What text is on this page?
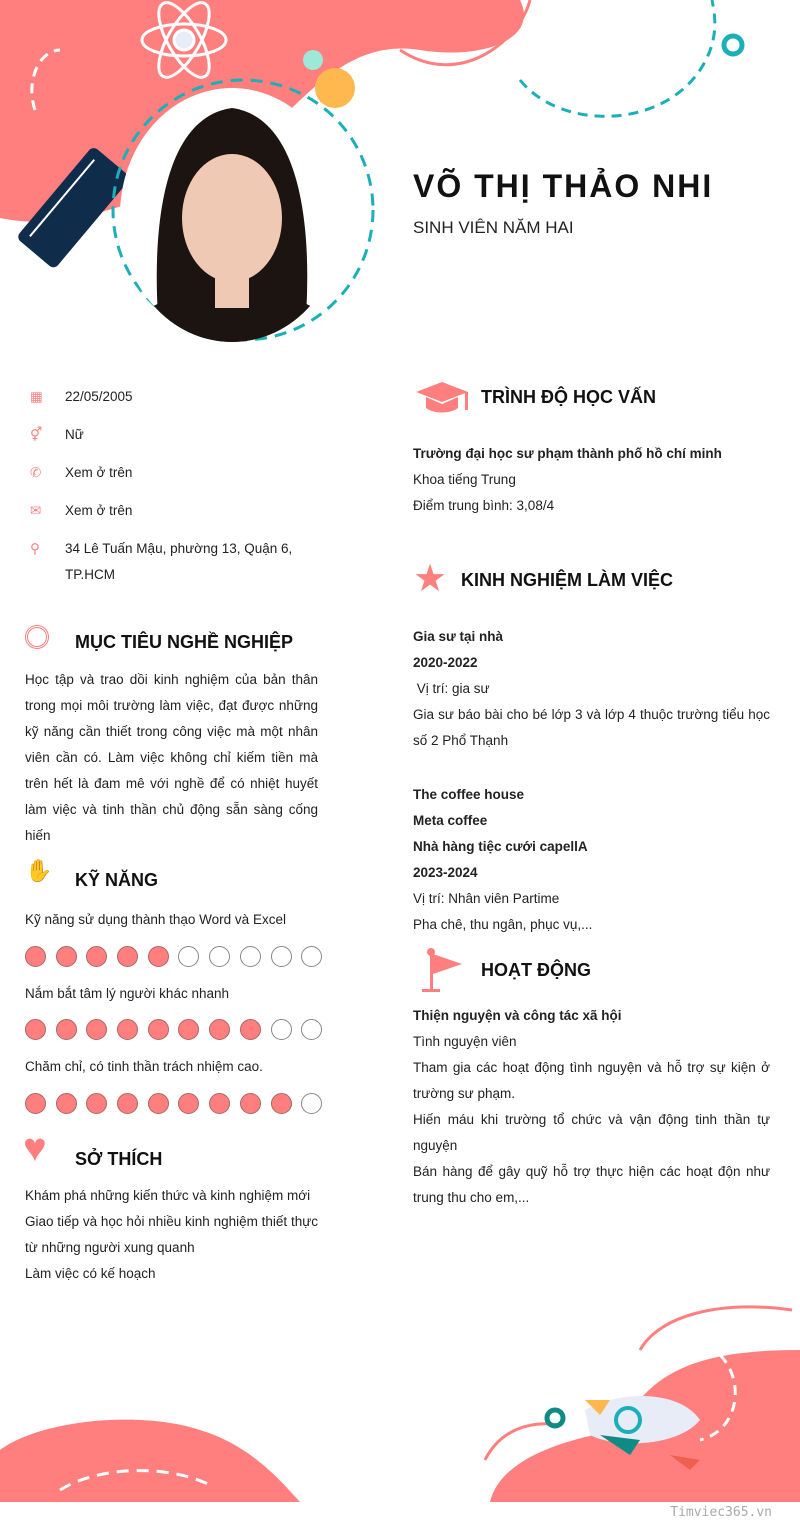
VÕ THỊ THẢO NHI
SINH VIÊN NĂM HAI
▦	22/05/2005
⚥	Nữ
✆	Xem ở trên
✉	Xem ở trên
⚲	34 Lê Tuấn Mậu, phường 13, Quận 6, TP.HCM
MỤC TIÊU NGHỀ NGHIỆP
Học tập và trao dồi kinh nghiệm của bản thân trong mọi môi trường làm việc, đạt được những kỹ năng cần thiết trong công việc mà một nhân viên cần có. Làm việc không chỉ kiếm tiền mà trên hết là đam mê với nghề để có nhiệt huyết làm việc và tinh thần chủ động sẵn sàng cống hiến
✋ KỸ NĂNG
Kỹ năng sử dụng thành thạo Word và Excel
Nắm bắt tâm lý người khác nhanh
Chăm chỉ, có tinh thần trách nhiệm cao.
♥ SỞ THÍCH
Khám phá những kiến thức và kinh nghiệm mới
Giao tiếp và học hỏi nhiều kinh nghiệm thiết thực từ những người xung quanh
Làm việc có kế hoạch
TRÌNH ĐỘ HỌC VẤN
Trường đại học sư phạm thành phố hồ chí minh
Khoa tiếng Trung
Điểm trung bình: 3,08/4
★ KINH NGHIỆM LÀM VIỆC
Gia sư tại nhà
2020-2022
Vị trí: gia sư
Gia sư báo bài cho bé lớp 3 và lớp 4 thuộc trường tiểu học số 2 Phổ Thạnh
The coffee house
Meta coffee
Nhà hàng tiệc cưới capellA
2023-2024
Vị trí: Nhân viên Partime
Pha chê, thu ngân, phục vụ,...
HOẠT ĐỘNG
Thiện nguyện và công tác xã hội
Tình nguyện viên
Tham gia các hoạt động tình nguyện và hỗ trợ sự kiện ở trường sư phạm.
Hiến máu khi trường tổ chức và vận động tinh thần tự nguyện
Bán hàng để gây quỹ hỗ trợ thực hiện các hoạt độn như trung thu cho em,...
Timviec365.vn
